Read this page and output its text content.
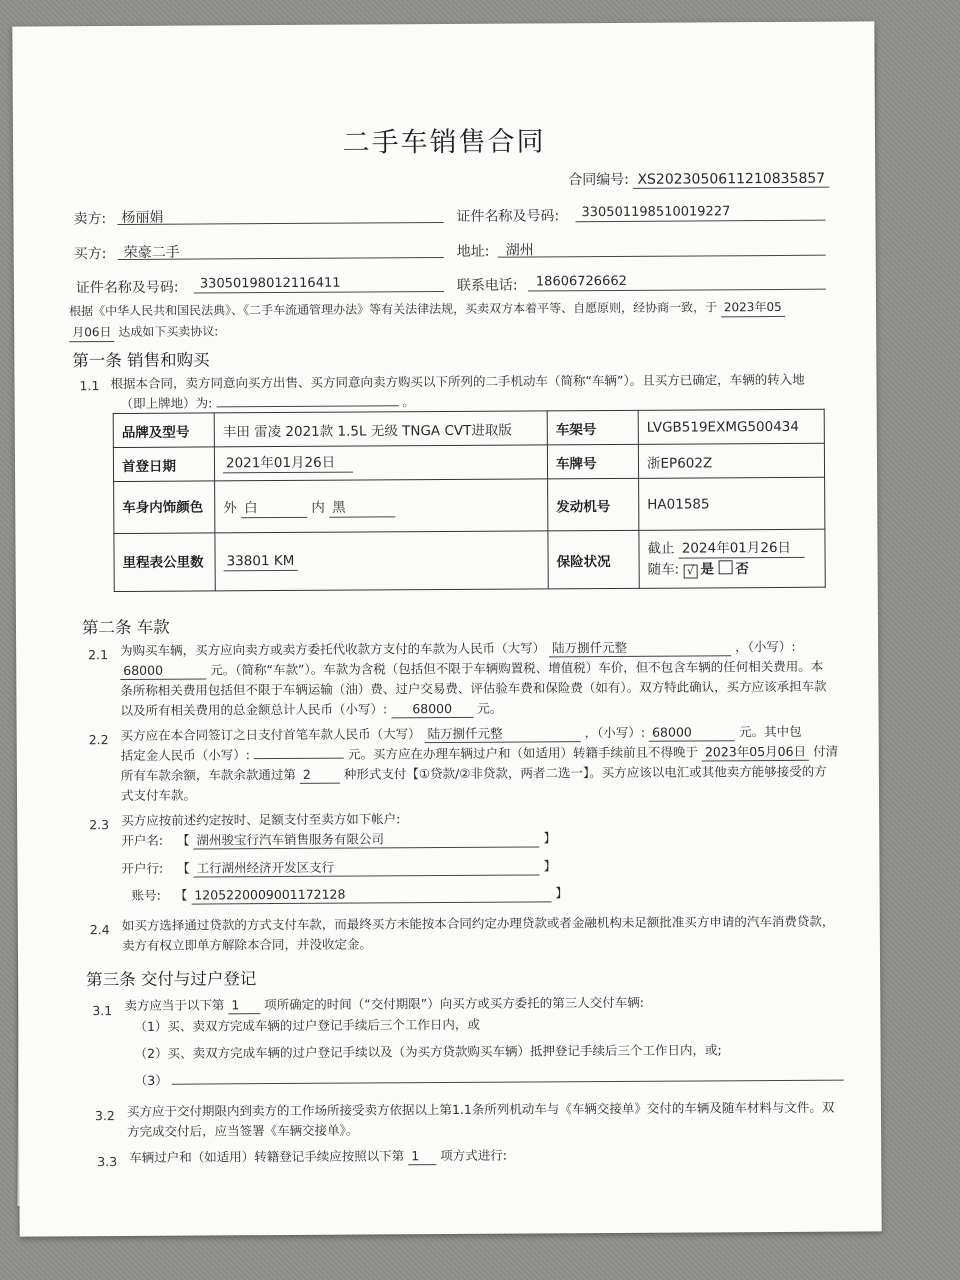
二手车销售合同
合同编号: XS2023050611210835857
卖方: 杨丽娟	证件名称及号码: 330501198510019227
买方: 荣豪二手	地址: 湖州
证件名称及号码: 33050198012116411	联系电话: 18606726662
根据《中华人民共和国民法典》、《二手车流通管理办法》等有关法律法规，买卖双方本着平等、自愿原则，经协商一致，于 2023年05
月06日 达成如下买卖协议:
第一条 销售和购买
1.1 根据本合同，卖方同意向买方出售、买方同意向卖方购买以下所列的二手机动车（简称“车辆”）。且买方已确定，车辆的转入地
（即上牌地）为:	。
品牌及型号	丰田 雷凌 2021款 1.5L 无级 TNGA CVT进取版	车架号	LVGB519EXMG500434
首登日期	2021年01月26日	车牌号	浙EP602Z
车身内饰颜色	外 白 内 黑	发动机号	HA01585
里程表公里数	33801 KM	保险状况	截止 2024年01月26日
随车: √ 是 否
第二条 车款
2.1 为购买车辆，买方应向卖方或卖方委托代收款方支付的车款为人民币（大写） 陆万捌仟元整	，（小写）:
68000	元。（简称“车款”）。车款为含税（包括但不限于车辆购置税、增值税）车价，但不包含车辆的任何相关费用。本
条所称相关费用包括但不限于车辆运输（油）费、过户交易费、评估验车费和保险费（如有）。双方特此确认，买方应该承担车款
以及所有相关费用的总金额总计人民币（小写）: 68000 元。
2.2 买方应在本合同签订之日支付首笔车款人民币（大写） 陆万捌仟元整	，（小写）: 68000	元。其中包
括定金人民币（小写）:	元。买方应在办理车辆过户和（如适用）转籍手续前且不得晚于 2023年05月06日 付清
所有车款余额，车款余款通过第 2	种形式支付【①贷款/②非贷款，两者二选一】。买方应该以电汇或其他卖方能够接受的方
式支付车款。
2.3 买方应按前述约定按时、足额支付至卖方如下帐户:
开户名: 【 湖州骏宝行汽车销售服务有限公司	】
开户行: 【 工行湖州经济开发区支行	】
账号: 【 1205220009001172128	】
2.4 如买方选择通过贷款的方式支付车款，而最终买方未能按本合同约定办理贷款或者金融机构未足额批准买方申请的汽车消费贷款，
卖方有权立即单方解除本合同，并没收定金。
第三条 交付与过户登记
3.1 卖方应当于以下第 1 项所确定的时间（“交付期限”）向买方或买方委托的第三人交付车辆:
（1）买、卖双方完成车辆的过户登记手续后三个工作日内，或
（2）买、卖双方完成车辆的过户登记手续以及（为买方贷款购买车辆）抵押登记手续后三个工作日内，或;
（3）
3.2 买方应于交付期限内到卖方的工作场所接受卖方依据以上第1.1条所列机动车与《车辆交接单》交付的车辆及随车材料与文件。双
方完成交付后，应当签署《车辆交接单》。
3.3 车辆过户和（如适用）转籍登记手续应按照以下第 1 项方式进行:
